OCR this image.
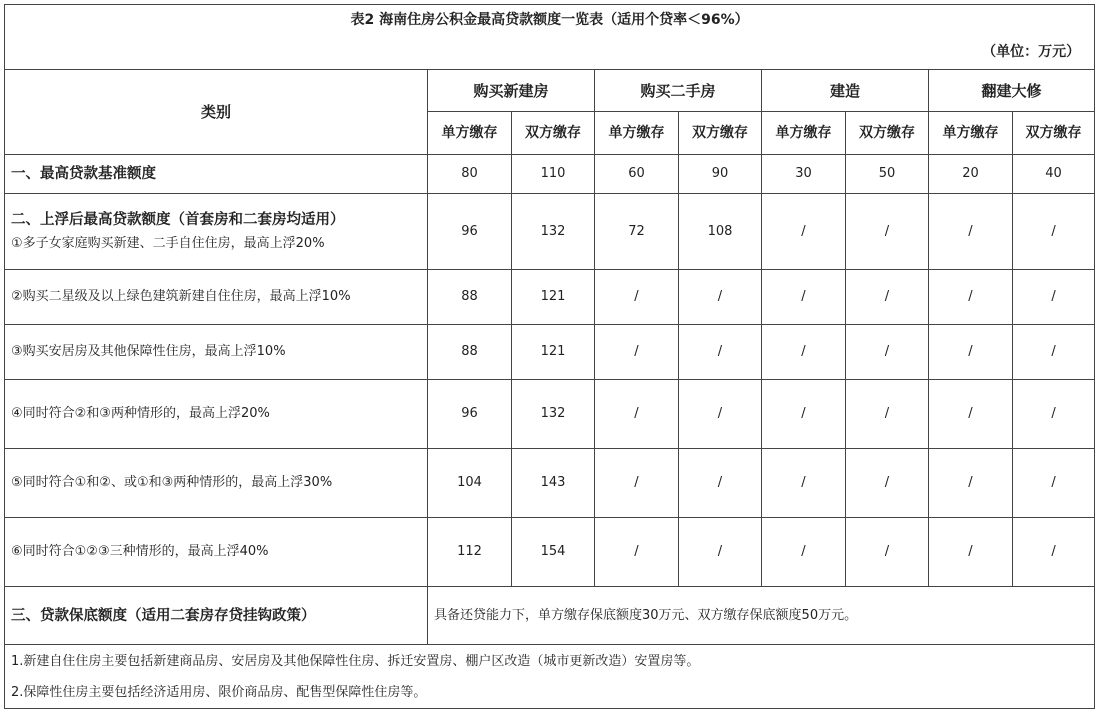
表2 海南住房公积金最高贷款额度一览表（适用个贷率＜96%）								
（单位：万元）								
类别	购买新建房		购买二手房		建造		翻建大修	
	单方缴存	双方缴存	单方缴存	双方缴存	单方缴存	双方缴存	单方缴存	双方缴存
一、最高贷款基准额度	80	110	60	90	30	50	20	40

二、上浮后最高贷款额度（首套房和二套房均适用）
①多子女家庭购买新建、二手自住住房，最高上浮20%	96	132	72	108	/	/	/	/
②购买二星级及以上绿色建筑新建自住住房，最高上浮10%	88	121	/	/	/	/	/	/
③购买安居房及其他保障性住房，最高上浮10%	88	121	/	/	/	/	/	/
④同时符合②和③两种情形的，最高上浮20%	96	132	/	/	/	/	/	/
⑤同时符合①和②、或①和③两种情形的，最高上浮30%	104	143	/	/	/	/	/	/
⑥同时符合①②③三种情形的，最高上浮40%	112	154	/	/	/	/	/	/
三、贷款保底额度（适用二套房存贷挂钩政策）	具备还贷能力下，单方缴存保底额度30万元、双方缴存保底额度50万元。							
1.新建自住住房主要包括新建商品房、安居房及其他保障性住房、拆迁安置房、棚户区改造（城市更新改造）安置房等。								
2.保障性住房主要包括经济适用房、限价商品房、配售型保障性住房等。								
